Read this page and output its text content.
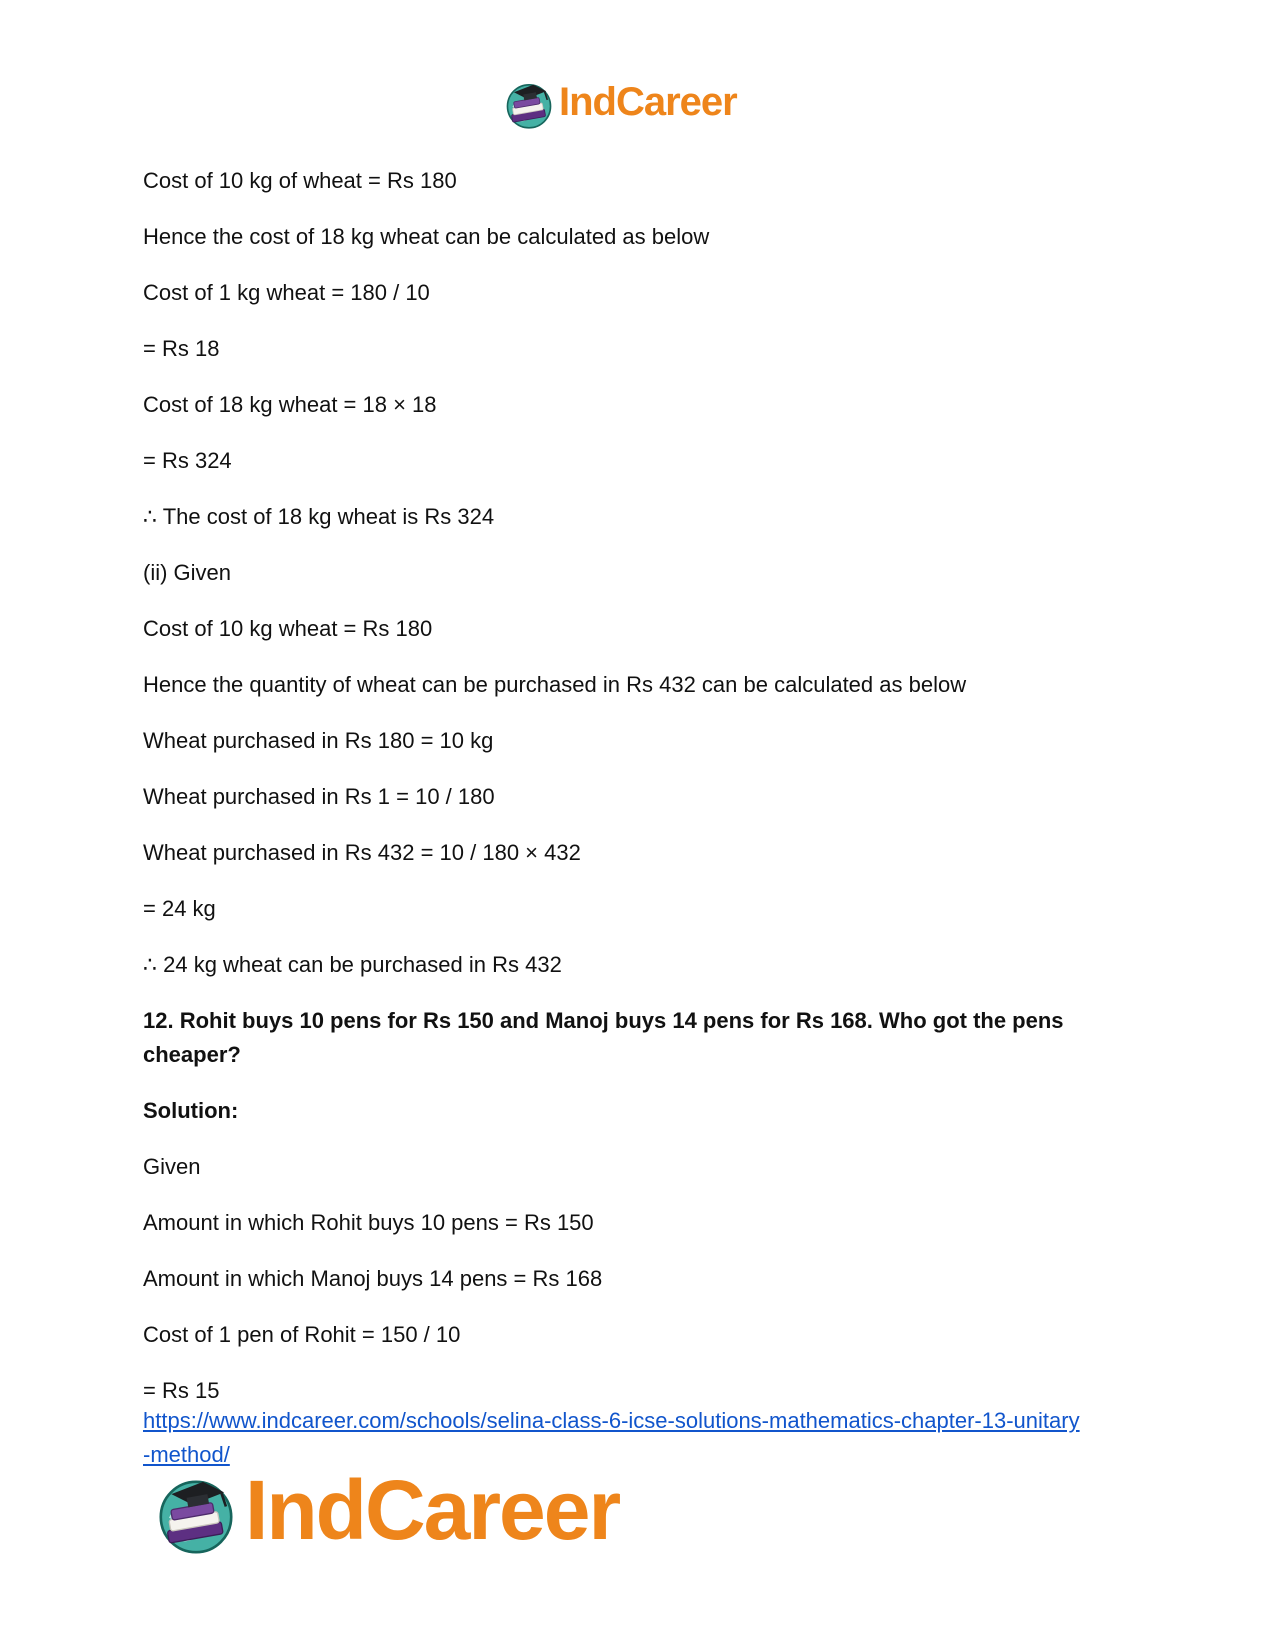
IndCareer

Cost of 10 kg of wheat = Rs 180

Hence the cost of 18 kg wheat can be calculated as below

Cost of 1 kg wheat = 180 / 10

= Rs 18

Cost of 18 kg wheat = 18 × 18

= Rs 324

∴ The cost of 18 kg wheat is Rs 324

(ii) Given

Cost of 10 kg wheat = Rs 180

Hence the quantity of wheat can be purchased in Rs 432 can be calculated as below

Wheat purchased in Rs 180 = 10 kg

Wheat purchased in Rs 1 = 10 / 180

Wheat purchased in Rs 432 = 10 / 180 × 432

= 24 kg

∴ 24 kg wheat can be purchased in Rs 432

12. Rohit buys 10 pens for Rs 150 and Manoj buys 14 pens for Rs 168. Who got the pens
cheaper?

Solution:

Given

Amount in which Rohit buys 10 pens = Rs 150

Amount in which Manoj buys 14 pens = Rs 168

Cost of 1 pen of Rohit = 150 / 10

= Rs 15

https://www.indcareer.com/schools/selina-class-6-icse-solutions-mathematics-chapter-13-unitary
-method/

IndCareer
